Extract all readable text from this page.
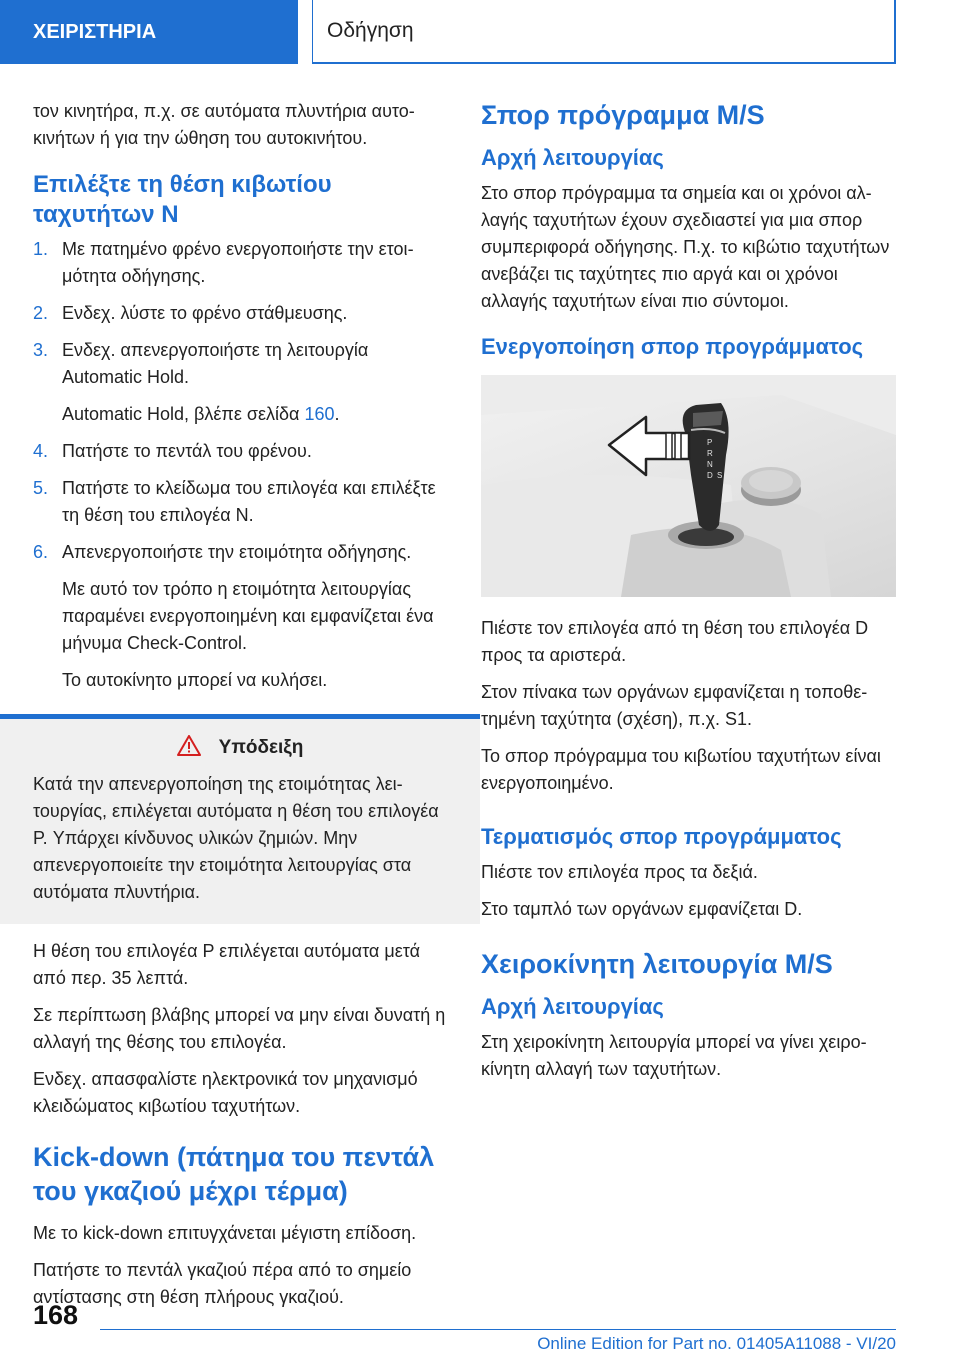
ΧΕΙΡΙΣΤΗΡΙΑ	Οδήγηση

τον κινητήρα, π.χ. σε αυτόματα πλυντήρια αυτοκινήτων ή για την ώθηση του αυτοκινήτου.

Επιλέξτε τη θέση κιβωτίου ταχυτήτων N
1. Με πατημένο φρένο ενεργοποιήστε την ετοιμότητα οδήγησης.
2. Ενδεχ. λύστε το φρένο στάθμευσης.
3. Ενδεχ. απενεργοποιήστε τη λειτουργία Automatic Hold.
Automatic Hold, βλέπε σελίδα 160.
4. Πατήστε το πεντάλ του φρένου.
5. Πατήστε το κλείδωμα του επιλογέα και επιλέξτε τη θέση του επιλογέα N.
6. Απενεργοποιήστε την ετοιμότητα οδήγησης.
Με αυτό τον τρόπο η ετοιμότητα λειτουργίας παραμένει ενεργοποιημένη και εμφανίζεται ένα μήνυμα Check-Control.
Το αυτοκίνητο μπορεί να κυλήσει.
Υπόδειξη

Κατά την απενεργοποίηση της ετοιμότητας λειτουργίας, επιλέγεται αυτόματα η θέση του επιλογέα P. Υπάρχει κίνδυνος υλικών ζημιών. Μην απενεργοποιείτε την ετοιμότητα λειτουργίας στα αυτόματα πλυντήρια.

Η θέση του επιλογέα P επιλέγεται αυτόματα μετά από περ. 35 λεπτά.

Σε περίπτωση βλάβης μπορεί να μην είναι δυνατή η αλλαγή της θέσης του επιλογέα.

Ενδεχ. απασφαλίστε ηλεκτρονικά τον μηχανισμό κλειδώματος κιβωτίου ταχυτήτων.

Kick-down (πάτημα του πεντάλ του γκαζιού μέχρι τέρμα)

Με το kick-down επιτυγχάνεται μέγιστη επίδοση.

Πατήστε το πεντάλ γκαζιού πέρα από το σημείο αντίστασης στη θέση πλήρους γκαζιού.

Σπορ πρόγραμμα M/S
Αρχή λειτουργίας

Στο σπορ πρόγραμμα τα σημεία και οι χρόνοι αλλαγής ταχυτήτων έχουν σχεδιαστεί για μια σπορ συμπεριφορά οδήγησης. Π.χ. το κιβώτιο ταχυτήτων ανεβάζει τις ταχύτητες πιο αργά και οι χρόνοι αλλαγής ταχυτήτων είναι πιο σύντομοι.

Ενεργοποίηση σπορ προγράμματος
P
R
N
D S

Πιέστε τον επιλογέα από τη θέση του επιλογέα D προς τα αριστερά.

Στον πίνακα των οργάνων εμφανίζεται η τοποθετημένη ταχύτητα (σχέση), π.χ. S1.

Το σπορ πρόγραμμα του κιβωτίου ταχυτήτων είναι ενεργοποιημένο.

Τερματισμός σπορ προγράμματος

Πιέστε τον επιλογέα προς τα δεξιά.

Στο ταμπλό των οργάνων εμφανίζεται D.

Χειροκίνητη λειτουργία M/S
Αρχή λειτουργίας

Στη χειροκίνητη λειτουργία μπορεί να γίνει χειροκίνητη αλλαγή των ταχυτήτων.

168
Online Edition for Part no. 01405A11088 - VI/20
